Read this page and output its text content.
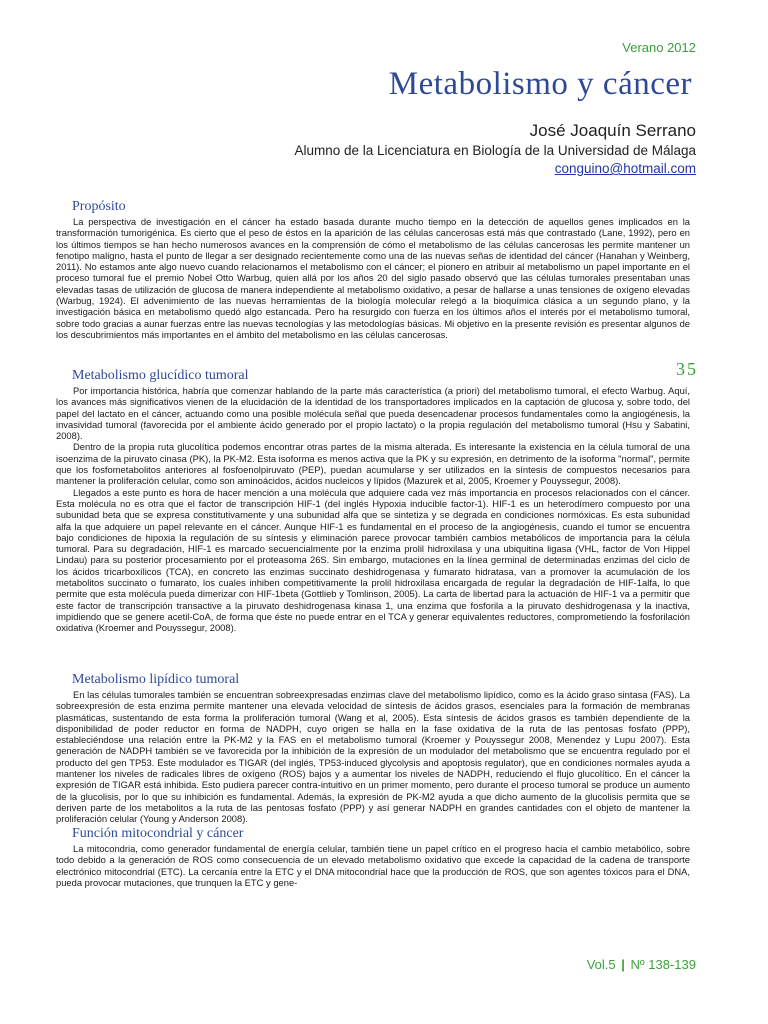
Verano 2012
Metabolismo y cáncer
José Joaquín Serrano
Alumno de la Licenciatura en Biología de la Universidad de Málaga
conguino@hotmail.com
35
Propósito

La perspectiva de investigación en el cáncer ha estado basada durante mucho tiempo en la detección de aquellos genes implicados en la transformación tumorigénica. Es cierto que el peso de éstos en la aparición de las células cancerosas está más que contrastado (Lane, 1992), pero en los últimos tiempos se han hecho numerosos avances en la comprensión de cómo el metabolismo de las células cancerosas les permite mantener un fenotipo maligno, hasta el punto de llegar a ser designado recientemente como una de las nuevas señas de identidad del cáncer (Hanahan y Weinberg, 2011). No estamos ante algo nuevo cuando relacionamos el metabolismo con el cáncer; el pionero en atribuir al metabolismo un papel importante en el proceso tumoral fue el premio Nobel Otto Warbug, quien allá por los años 20 del siglo pasado observó que las células tumorales presentaban unas elevadas tasas de utilización de glucosa de manera independiente al metabolismo oxidativo, a pesar de hallarse a unas tensiones de oxígeno elevadas (Warbug, 1924). El advenimiento de las nuevas herramientas de la biología molecular relegó a la bioquímica clásica a un segundo plano, y la investigación básica en metabolismo quedó algo estancada. Pero ha resurgido con fuerza en los últimos años el interés por el metabolismo tumoral, sobre todo gracias a aunar fuerzas entre las nuevas tecnologías y las metodologías básicas. Mi objetivo en la presente revisión es presentar algunos de los descubrimientos más importantes en el ámbito del metabolismo en las células cancerosas.

Metabolismo glucídico tumoral

Por importancia histórica, habría que comenzar hablando de la parte más característica (a priori) del metabolismo tumoral, el efecto Warbug. Aquí, los avances más significativos vienen de la elucidación de la identidad de los transportadores implicados en la captación de glucosa y, sobre todo, del papel del lactato en el cáncer, actuando como una posible molécula señal que pueda desencadenar procesos fundamentales como la angiogénesis, la invasividad tumoral (favorecida por el ambiente ácido generado por el propio lactato) o la propia regulación del metabolismo tumoral (Hsu y Sabatini, 2008).

Dentro de la propia ruta glucolítica podemos encontrar otras partes de la misma alterada. Es interesante la existencia en la célula tumoral de una isoenzima de la piruvato cinasa (PK), la PK-M2. Esta isoforma es menos activa que la PK y su expresión, en detrimento de la isoforma "normal", permite que los fosfometabolitos anteriores al fosfoenolpiruvato (PEP), puedan acumularse y ser utilizados en la síntesis de compuestos necesarios para mantener la proliferación celular, como son aminoácidos, ácidos nucleicos y lípidos (Mazurek et al, 2005, Kroemer y Pouyssegur, 2008).

Llegados a este punto es hora de hacer mención a una molécula que adquiere cada vez más importancia en procesos relacionados con el cáncer. Esta molécula no es otra que el factor de transcripción HIF-1 (del inglés Hypoxia inducible factor-1). HIF-1 es un heterodímero compuesto por una subunidad beta que se expresa constitutivamente y una subunidad alfa que se sintetiza y se degrada en condiciones normóxicas. Es esta subunidad alfa la que adquiere un papel relevante en el cáncer. Aunque HIF-1 es fundamental en el proceso de la angiogénesis, cuando el tumor se encuentra bajo condiciones de hipoxia la regulación de su síntesis y eliminación parece provocar también cambios metabólicos de importancia para la célula tumoral. Para su degradación, HIF-1 es marcado secuencialmente por la enzima prolil hidroxilasa y una ubiquitina ligasa (VHL, factor de Von Hippel Lindau) para su posterior procesamiento por el proteasoma 26S. Sin embargo, mutaciones en la línea germinal de determinadas enzimas del ciclo de los ácidos tricarboxílicos (TCA), en concreto las enzimas succinato deshidrogenasa y fumarato hidratasa, van a promover la acumulación de los metabolitos succinato o fumarato, los cuales inhiben competitivamente la prolil hidroxilasa encargada de regular la degradación de HIF-1alfa, lo que permite que esta molécula pueda dimerizar con HIF-1beta (Gottlieb y Tomlinson, 2005). La carta de libertad para la actuación de HIF-1 va a permitir que este factor de transcripción transactive a la piruvato deshidrogenasa kinasa 1, una enzima que fosforila a la piruvato deshidrogenasa y la inactiva, impidiendo que se genere acetil-CoA, de forma que éste no puede entrar en el TCA y generar equivalentes reductores, comprometiendo la fosforilación oxidativa (Kroemer and Pouyssegur, 2008).

Metabolismo lipídico tumoral

En las células tumorales también se encuentran sobreexpresadas enzimas clave del metabolismo lipídico, como es la ácido graso sintasa (FAS). La sobreexpresión de esta enzima permite mantener una elevada velocidad de síntesis de ácidos grasos, esenciales para la formación de membranas plasmáticas, sustentando de esta forma la proliferación tumoral (Wang et al, 2005). Esta síntesis de ácidos grasos es también dependiente de la disponibilidad de poder reductor en forma de NADPH, cuyo origen se halla en la fase oxidativa de la ruta de las pentosas fosfato (PPP), estableciéndose una relación entre la PK-M2 y la FAS en el metabolismo tumoral (Kroemer y Pouyssegur 2008, Menendez y Lupu 2007). Esta generación de NADPH también se ve favorecida por la inhibición de la expresión de un modulador del metabolismo que se encuentra regulado por el producto del gen TP53. Este modulador es TIGAR (del inglés, TP53-induced glycolysis and apoptosis regulator), que en condiciones normales ayuda a mantener los niveles de radicales libres de oxígeno (ROS) bajos y a aumentar los niveles de NADPH, reduciendo el flujo glucolítico. En el cáncer la expresión de TIGAR está inhibida. Esto pudiera parecer contra-intuitivo en un primer momento, pero durante el proceso tumoral se produce un aumento de la glucolisis, por lo que su inhibición es fundamental. Además, la expresión de PK-M2 ayuda a que dicho aumento de la glucolisis permita que se deriven parte de los metabolitos a la ruta de las pentosas fosfato (PPP) y así generar NADPH en grandes cantidades con el objeto de mantener la proliferación celular (Young y Anderson 2008).

Función mitocondrial y cáncer

La mitocondria, como generador fundamental de energía celular, también tiene un papel crítico en el progreso hacia el cambio metabólico, sobre todo debido a la generación de ROS como consecuencia de un elevado metabolismo oxidativo que excede la capacidad de la cadena de transporte electrónico mitocondrial (ETC). La cercanía entre la ETC y el DNA mitocondrial hace que la producción de ROS, que son agentes tóxicos para el DNA, pueda provocar mutaciones, que trunquen la ETC y gene-

Vol.5 | Nº 138-139
